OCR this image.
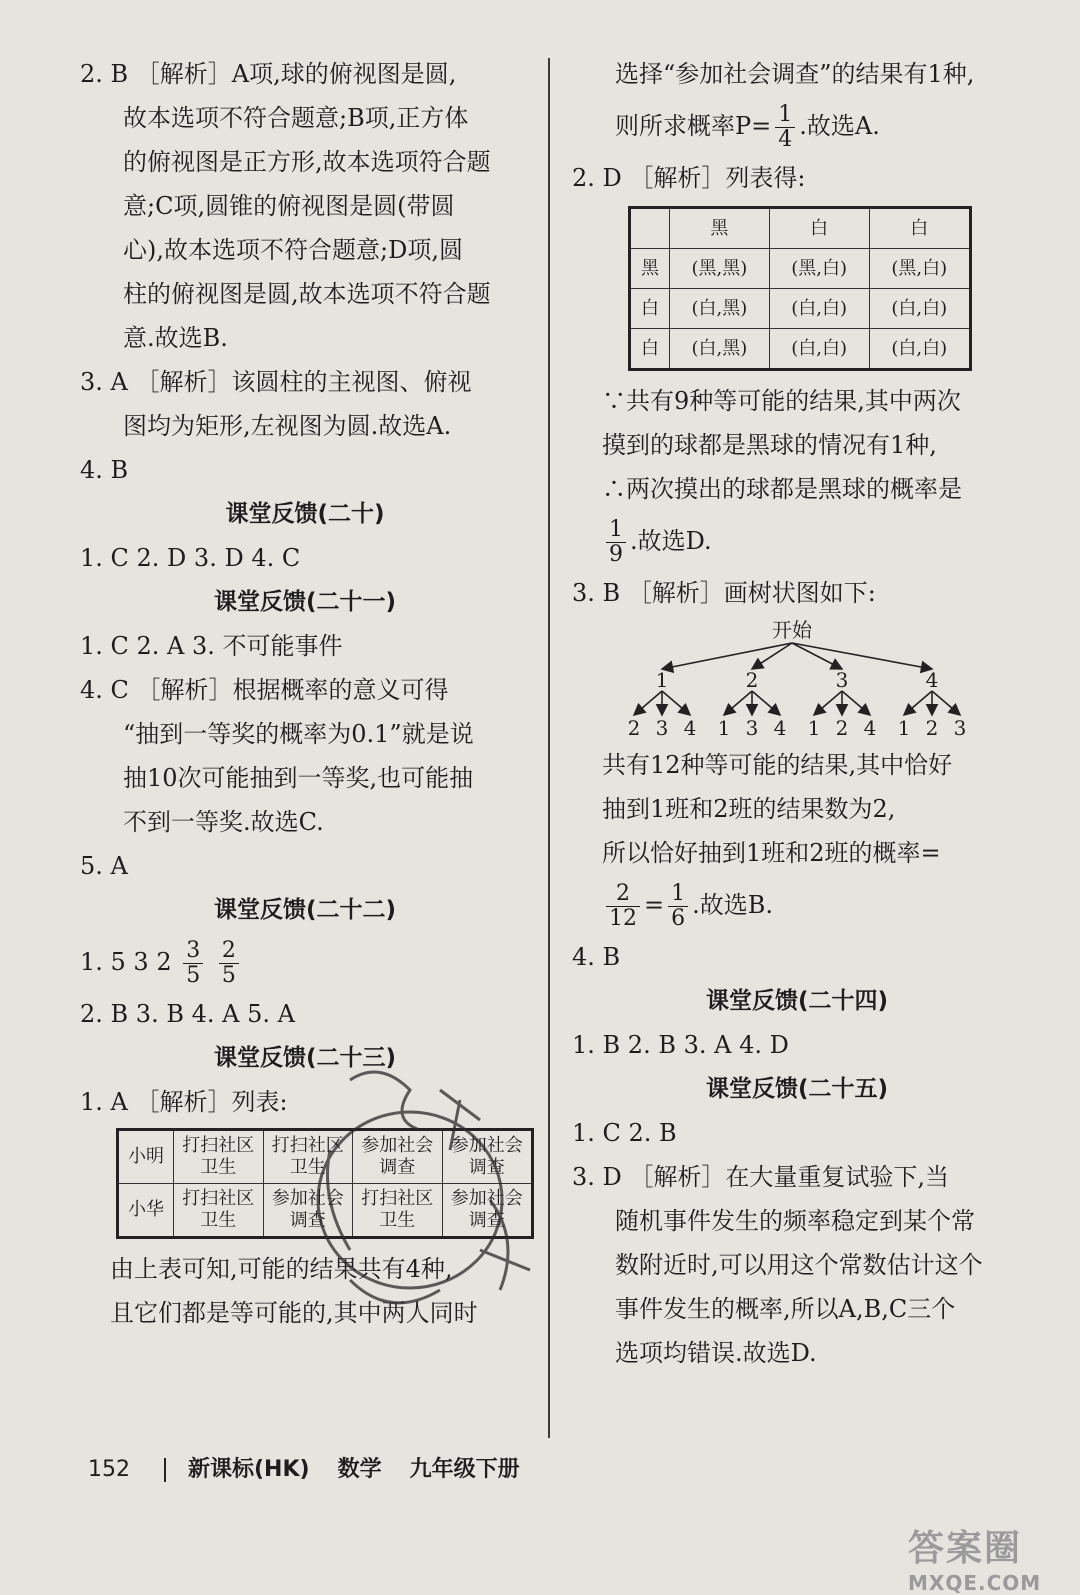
2. B ［解析］A项,球的俯视图是圆,
故本选项不符合题意;B项,正方体
的俯视图是正方形,故本选项符合题
意;C项,圆锥的俯视图是圆(带圆
心),故本选项不符合题意;D项,圆
柱的俯视图是圆,故本选项不符合题
意.故选B.
3. A ［解析］该圆柱的主视图、俯视
图均为矩形,左视图为圆.故选A.
4. B
课堂反馈(二十)
1. C 2. D 3. D 4. C
课堂反馈(二十一)
1. C 2. A 3. 不可能事件
4. C ［解析］根据概率的意义可得
“抽到一等奖的概率为0.1”就是说
抽10次可能抽到一等奖,也可能抽
不到一等奖.故选C.
5. A
课堂反馈(二十二)
1. 5 3 $2 \frac{3}{5}$
$\frac{2}{5}$
2. B 3. B 4. A 5. A
课堂反馈(二十三)
1. A ［解析］列表:
小明	打扫社区卫生	打扫社区卫生	参加社会调查	参加社会调查
小华	打扫社区卫生	参加社会调查	打扫社区卫生	参加社会调查
由上表可知,可能的结果共有4种,
且它们都是等可能的,其中两人同时
选择“参加社会调查”的结果有1种,
则所求概率$P= \frac{1}{4}$ .故选A.
2. D ［解析］列表得:
	黑	白	白
黑	(黑,黑)	(黑,白)	(黑,白)
白	(白,黑)	(白,白)	(白,白)
白	(白,黑)	(白,白)	(白,白)
∵共有9种等可能的结果,其中两次
摸到的球都是黑球的情况有1种,
∴两次摸出的球都是黑球的概率是
$\frac{1}{9}$ .故选D.
3. B ［解析］画树状图如下:
开始
1
2 3 4
2
1 3 4
3
1 2 4
4
1 2 3
共有12种等可能的结果,其中恰好
抽到1班和2班的结果数为2,
所以恰好抽到1班和2班的概率=
$\frac{2}{12} = \frac{1}{6}$ .故选B.
4. B
课堂反馈(二十四)
1. B 2. B 3. A 4. D
课堂反馈(二十五)
1. C 2. B
3. D ［解析］在大量重复试验下,当
随机事件发生的频率稳定到某个常
数附近时,可以用这个常数估计这个
事件发生的概率,所以A,B,C三个
选项均错误.故选D.
152	新课标(HK) 数学 九年级下册
答案圈
MXQE.COM
